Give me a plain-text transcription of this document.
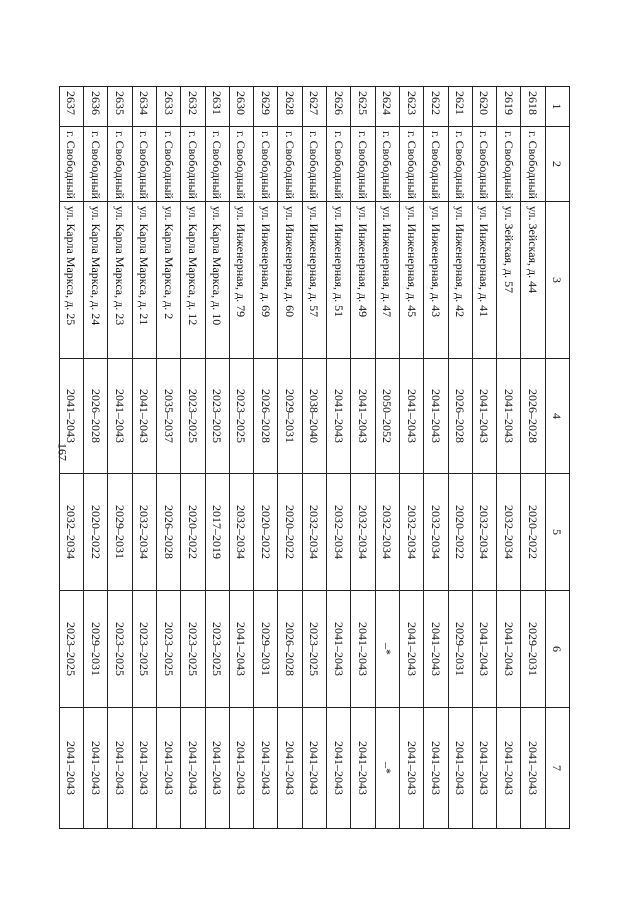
167
1	2	3	4	5	6	7
2618	г. Свободный	ул. Зейская, д. 44	2026–2028	2020–2022	2029–2031	2041–2043
2619	г. Свободный	ул. Зейская, д. 57	2041–2043	2032–2034	2041–2043	2041–2043
2620	г. Свободный	ул. Инженерная, д. 41	2041–2043	2032–2034	2041–2043	2041–2043
2621	г. Свободный	ул. Инженерная, д. 42	2026–2028	2020–2022	2029–2031	2041–2043
2622	г. Свободный	ул. Инженерная, д. 43	2041–2043	2032–2034	2041–2043	2041–2043
2623	г. Свободный	ул. Инженерная, д. 45	2041–2043	2032–2034	2041–2043	2041–2043
2624	г. Свободный	ул. Инженерная, д. 47	2050–2052	2032–2034	–*	–*
2625	г. Свободный	ул. Инженерная, д. 49	2041–2043	2032–2034	2041–2043	2041–2043
2626	г. Свободный	ул. Инженерная, д. 51	2041–2043	2032–2034	2041–2043	2041–2043
2627	г. Свободный	ул. Инженерная, д. 57	2038–2040	2032–2034	2023–2025	2041–2043
2628	г. Свободный	ул. Инженерная, д. 60	2029–2031	2020–2022	2026–2028	2041–2043
2629	г. Свободный	ул. Инженерная, д. 69	2026–2028	2020–2022	2029–2031	2041–2043
2630	г. Свободный	ул. Инженерная, д. 79	2023–2025	2032–2034	2041–2043	2041–2043
2631	г. Свободный	ул. Карла Маркса, д. 10	2023–2025	2017–2019	2023–2025	2041–2043
2632	г. Свободный	ул. Карла Маркса, д. 12	2023–2025	2020–2022	2023–2025	2041–2043
2633	г. Свободный	ул. Карла Маркса, д. 2	2035–2037	2026–2028	2023–2025	2041–2043
2634	г. Свободный	ул. Карла Маркса, д. 21	2041–2043	2032–2034	2023–2025	2041–2043
2635	г. Свободный	ул. Карла Маркса, д. 23	2041–2043	2029–2031	2023–2025	2041–2043
2636	г. Свободный	ул. Карла Маркса, д. 24	2026–2028	2020–2022	2029–2031	2041–2043
2637	г. Свободный	ул. Карла Маркса, д. 25	2041–2043	2032–2034	2023–2025	2041–2043
